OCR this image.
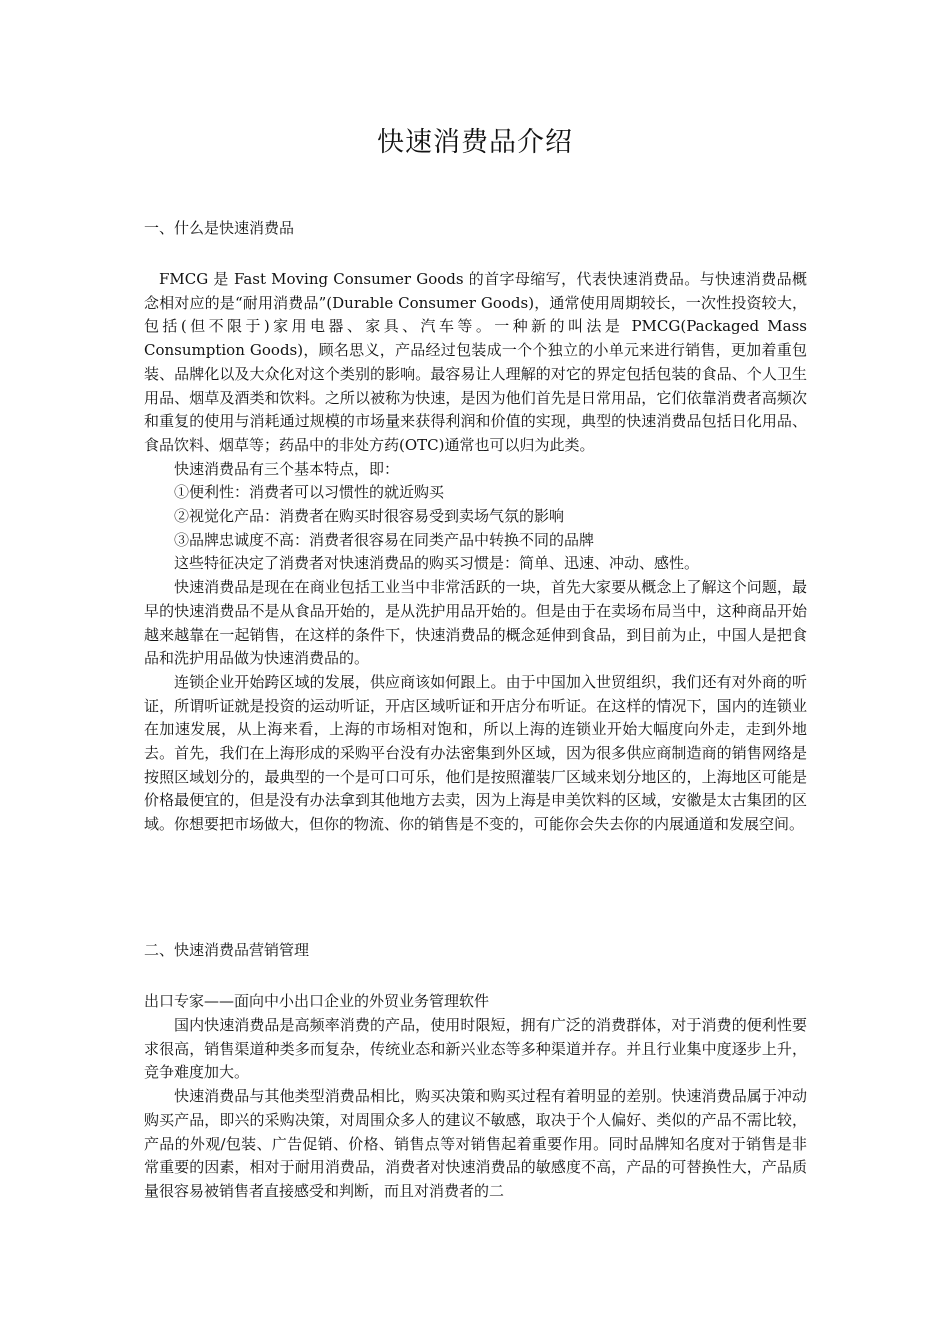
快速消费品介绍
一、什么是快速消费品

FMCG 是 Fast Moving Consumer Goods 的首字母缩写，代表快速消费品。与快速消费品概念相对应的是“耐用消费品”(Durable Consumer Goods)，通常使用周期较长，一次性投资较大，包括(但不限于)家用电器、家具、汽车等。一种新的叫法是 PMCG(Packaged Mass Consumption Goods)，顾名思义，产品经过包装成一个个独立的小单元来进行销售，更加着重包装、品牌化以及大众化对这个类别的影响。最容易让人理解的对它的界定包括包装的食品、个人卫生用品、烟草及酒类和饮料。之所以被称为快速，是因为他们首先是日常用品，它们依靠消费者高频次和重复的使用与消耗通过规模的市场量来获得利润和价值的实现，典型的快速消费品包括日化用品、食品饮料、烟草等；药品中的非处方药(OTC)通常也可以归为此类。

快速消费品有三个基本特点，即：

①便利性：消费者可以习惯性的就近购买

②视觉化产品：消费者在购买时很容易受到卖场气氛的影响

③品牌忠诚度不高：消费者很容易在同类产品中转换不同的品牌

这些特征决定了消费者对快速消费品的购买习惯是：简单、迅速、冲动、感性。

快速消费品是现在在商业包括工业当中非常活跃的一块，首先大家要从概念上了解这个问题，最早的快速消费品不是从食品开始的，是从洗护用品开始的。但是由于在卖场布局当中，这种商品开始越来越靠在一起销售，在这样的条件下，快速消费品的概念延伸到食品，到目前为止，中国人是把食品和洗护用品做为快速消费品的。

连锁企业开始跨区域的发展，供应商该如何跟上。由于中国加入世贸组织，我们还有对外商的听证，所谓听证就是投资的运动听证，开店区域听证和开店分布听证。在这样的情况下，国内的连锁业在加速发展，从上海来看，上海的市场相对饱和，所以上海的连锁业开始大幅度向外走，走到外地去。首先，我们在上海形成的采购平台没有办法密集到外区域，因为很多供应商制造商的销售网络是按照区域划分的，最典型的一个是可口可乐，他们是按照灌装厂区域来划分地区的，上海地区可能是价格最便宜的，但是没有办法拿到其他地方去卖，因为上海是申美饮料的区域，安徽是太古集团的区域。你想要把市场做大，但你的物流、你的销售是不变的，可能你会失去你的内展通道和发展空间。

二、快速消费品营销管理
出口专家——面向中小出口企业的外贸业务管理软件

国内快速消费品是高频率消费的产品，使用时限短，拥有广泛的消费群体，对于消费的便利性要求很高，销售渠道种类多而复杂，传统业态和新兴业态等多种渠道并存。并且行业集中度逐步上升，竞争难度加大。

快速消费品与其他类型消费品相比，购买决策和购买过程有着明显的差别。快速消费品属于冲动购买产品，即兴的采购决策，对周围众多人的建议不敏感，取决于个人偏好、类似的产品不需比较，产品的外观/包装、广告促销、价格、销售点等对销售起着重要作用。同时品牌知名度对于销售是非常重要的因素，相对于耐用消费品，消费者对快速消费品的敏感度不高，产品的可替换性大，产品质量很容易被销售者直接感受和判断，而且对消费者的二
